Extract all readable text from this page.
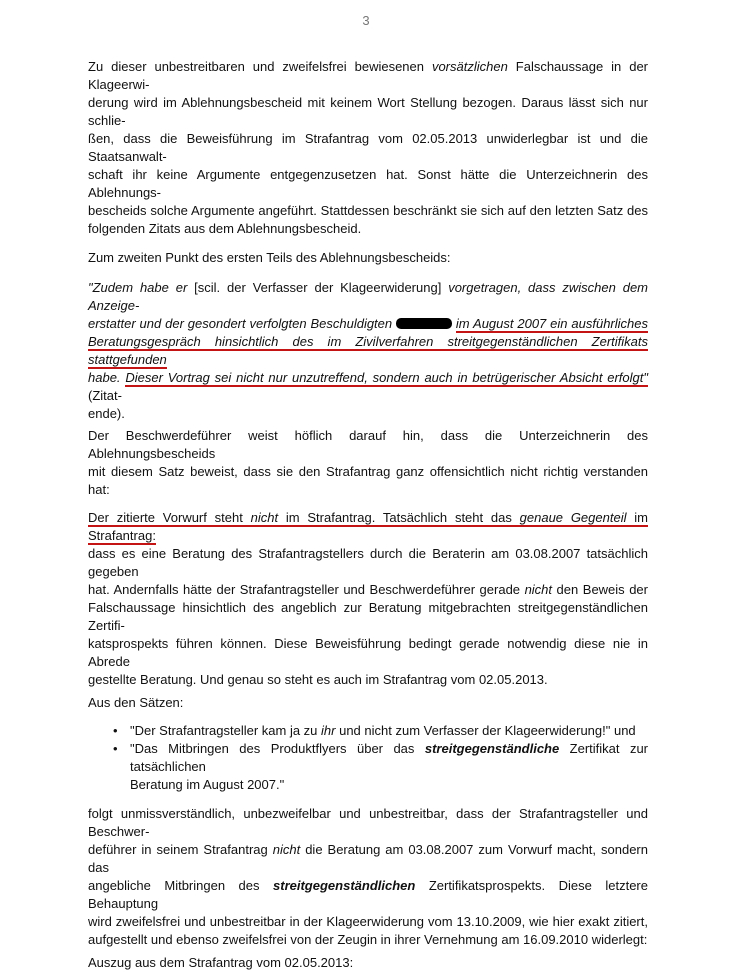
3
Zu dieser unbestreitbaren und zweifelsfrei bewiesenen vorsätzlichen Falschaussage in der Klageerwi-
derung wird im Ablehnungsbescheid mit keinem Wort Stellung bezogen. Daraus lässt sich nur schlie-
ßen, dass die Beweisführung im Strafantrag vom 02.05.2013 unwiderlegbar ist und die Staatsanwalt-
schaft ihr keine Argumente entgegenzusetzen hat. Sonst hätte die Unterzeichnerin des Ablehnungs-
bescheids solche Argumente angeführt. Stattdessen beschränkt sie sich auf den letzten Satz des
folgenden Zitats aus dem Ablehnungsbescheid.
Zum zweiten Punkt des ersten Teils des Ablehnungsbescheids:
"Zudem habe er [scil. der Verfasser der Klageerwiderung] vorgetragen, dass zwischen dem Anzeige-
erstatter und der gesondert verfolgten Beschuldigten	im August 2007 ein ausführliches
Beratungsgespräch hinsichtlich des im Zivilverfahren streitgegenständlichen Zertifikats stattgefunden
habe. Dieser Vortrag sei nicht nur unzutreffend, sondern auch in betrügerischer Absicht erfolgt" (Zitat-
ende).
Der Beschwerdeführer weist höflich darauf hin, dass die Unterzeichnerin des Ablehnungsbescheids
mit diesem Satz beweist, dass sie den Strafantrag ganz offensichtlich nicht richtig verstanden hat:
Der zitierte Vorwurf steht nicht im Strafantrag. Tatsächlich steht das genaue Gegenteil im Strafantrag:
dass es eine Beratung des Strafantragstellers durch die Beraterin am 03.08.2007 tatsächlich gegeben
hat. Andernfalls hätte der Strafantragsteller und Beschwerdeführer gerade nicht den Beweis der
Falschaussage hinsichtlich des angeblich zur Beratung mitgebrachten streitgegenständlichen Zertifi-
katsprospekts führen können. Diese Beweisführung bedingt gerade notwendig diese nie in Abrede
gestellte Beratung. Und genau so steht es auch im Strafantrag vom 02.05.2013.
Aus den Sätzen:
• "Der Strafantragsteller kam ja zu ihr und nicht zum Verfasser der Klageerwiderung!" und
• "Das Mitbringen des Produktflyers über das streitgegenständliche Zertifikat zur tatsächlichen
Beratung im August 2007."
folgt unmissverständlich, unbezweifelbar und unbestreitbar, dass der Strafantragsteller und Beschwer-
deführer in seinem Strafantrag nicht die Beratung am 03.08.2007 zum Vorwurf macht, sondern das
angebliche Mitbringen des streitgegenständlichen Zertifikatsprospekts. Diese letztere Behauptung
wird zweifelsfrei und unbestreitbar in der Klageerwiderung vom 13.10.2009, wie hier exakt zitiert,
aufgestellt und ebenso zweifelsfrei von der Zeugin in ihrer Vernehmung am 16.09.2010 widerlegt:
Auszug aus dem Strafantrag vom 02.05.2013:
